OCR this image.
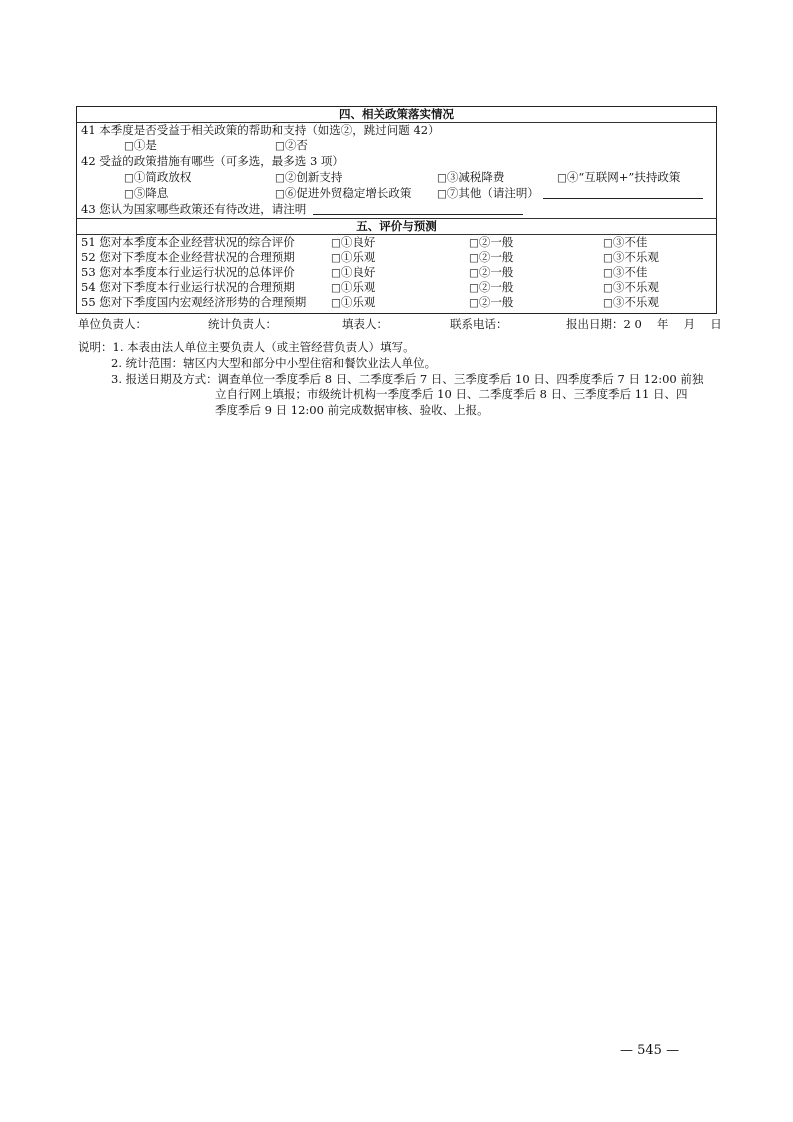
四、相关政策落实情况
41 本季度是否受益于相关政策的帮助和支持（如选②，跳过问题 42）
□①是	□②否
42 受益的政策措施有哪些（可多选，最多选 3 项）
□①简政放权	□②创新支持	□③减税降费	□④“互联网+”扶持政策
□⑤降息	□⑥促进外贸稳定增长政策 □⑦其他（请注明）
43 您认为国家哪些政策还有待改进，请注明
五、评价与预测
51 您对本季度本企业经营状况的综合评价	□①良好	□②一般	□③不佳
52 您对下季度本企业经营状况的合理预期	□①乐观	□②一般	□③不乐观
53 您对本季度本行业运行状况的总体评价	□①良好	□②一般	□③不佳
54 您对下季度本行业运行状况的合理预期	□①乐观	□②一般	□③不乐观
55 您对下季度国内宏观经济形势的合理预期 □①乐观	□②一般	□③不乐观
单位负责人：	统计负责人：	填表人：	联系电话：	报出日期：2 0　 年　 月　 日
说明：1. 本表由法人单位主要负责人（或主管经营负责人）填写。
2. 统计范围：辖区内大型和部分中小型住宿和餐饮业法人单位。
3. 报送日期及方式：调查单位一季度季后 8 日、二季度季后 7 日、三季度季后 10 日、四季度季后 7 日 12:00 前独
立自行网上填报；市级统计机构一季度季后 10 日、二季度季后 8 日、三季度季后 11 日、四
季度季后 9 日 12:00 前完成数据审核、验收、上报。
— 545 —
